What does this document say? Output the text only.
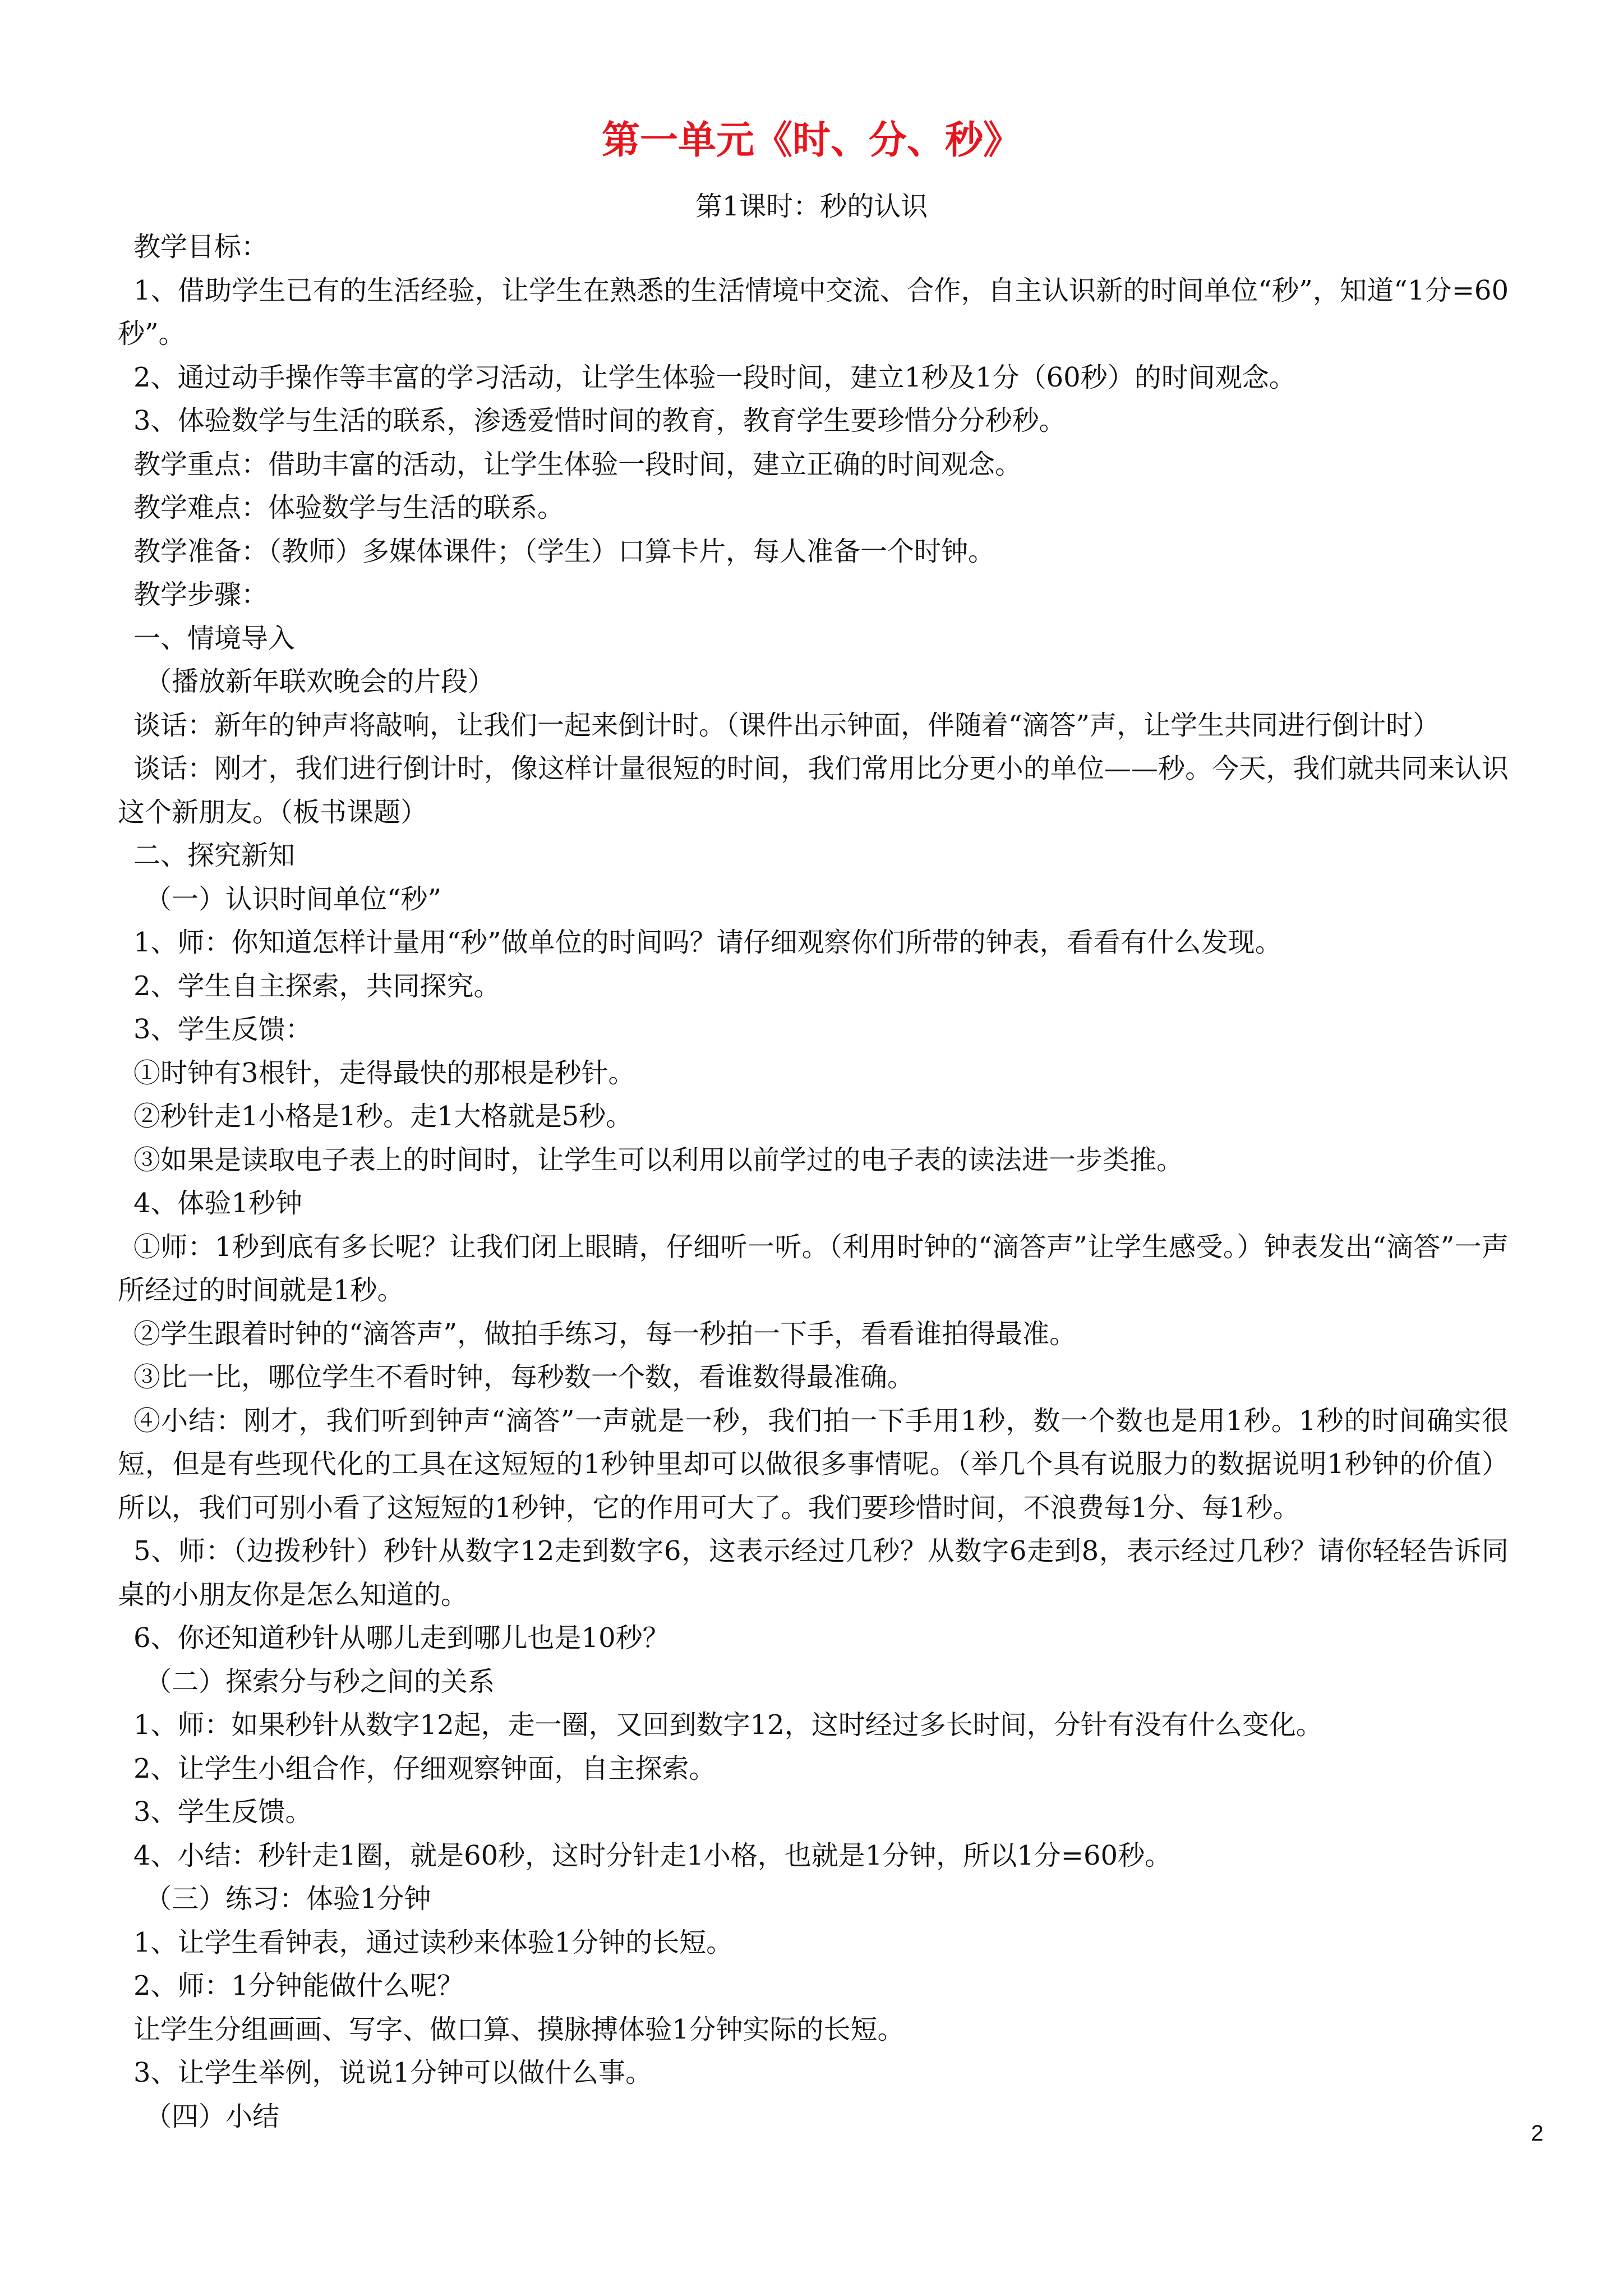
第一单元《时、分、秒》
第1课时：秒的认识
教学目标：
1、借助学生已有的生活经验，让学生在熟悉的生活情境中交流、合作，自主认识新的时间单位“秒”，知道“1分=60秒”。
2、通过动手操作等丰富的学习活动，让学生体验一段时间，建立1秒及1分（60秒）的时间观念。
3、体验数学与生活的联系，渗透爱惜时间的教育，教育学生要珍惜分分秒秒。
教学重点：借助丰富的活动，让学生体验一段时间，建立正确的时间观念。
教学难点：体验数学与生活的联系。
教学准备：（教师）多媒体课件；（学生）口算卡片，每人准备一个时钟。
教学步骤：
一、情境导入
（播放新年联欢晚会的片段）
谈话：新年的钟声将敲响，让我们一起来倒计时。（课件出示钟面，伴随着“滴答”声，让学生共同进行倒计时）
谈话：刚才，我们进行倒计时，像这样计量很短的时间，我们常用比分更小的单位——秒。今天，我们就共同来认识这个新朋友。（板书课题）
二、探究新知
（一）认识时间单位“秒”
1、师：你知道怎样计量用“秒”做单位的时间吗？请仔细观察你们所带的钟表，看看有什么发现。
2、学生自主探索，共同探究。
3、学生反馈：
①时钟有3根针，走得最快的那根是秒针。
②秒针走1小格是1秒。走1大格就是5秒。
③如果是读取电子表上的时间时，让学生可以利用以前学过的电子表的读法进一步类推。
4、体验1秒钟
①师：1秒到底有多长呢？让我们闭上眼睛，仔细听一听。（利用时钟的“滴答声”让学生感受。）钟表发出“滴答”一声所经过的时间就是1秒。
②学生跟着时钟的“滴答声”，做拍手练习，每一秒拍一下手，看看谁拍得最准。
③比一比，哪位学生不看时钟，每秒数一个数，看谁数得最准确。
④小结：刚才，我们听到钟声“滴答”一声就是一秒，我们拍一下手用1秒，数一个数也是用1秒。1秒的时间确实很短，但是有些现代化的工具在这短短的1秒钟里却可以做很多事情呢。（举几个具有说服力的数据说明1秒钟的价值）所以，我们可别小看了这短短的1秒钟，它的作用可大了。我们要珍惜时间，不浪费每1分、每1秒。
5、师：（边拨秒针）秒针从数字12走到数字6，这表示经过几秒？从数字6走到8，表示经过几秒？请你轻轻告诉同桌的小朋友你是怎么知道的。
6、你还知道秒针从哪儿走到哪儿也是10秒？
（二）探索分与秒之间的关系
1、师：如果秒针从数字12起，走一圈，又回到数字12，这时经过多长时间，分针有没有什么变化。
2、让学生小组合作，仔细观察钟面，自主探索。
3、学生反馈。
4、小结：秒针走1圈，就是60秒，这时分针走1小格，也就是1分钟，所以1分=60秒。
（三）练习：体验1分钟
1、让学生看钟表，通过读秒来体验1分钟的长短。
2、师：1分钟能做什么呢？
让学生分组画画、写字、做口算、摸脉搏体验1分钟实际的长短。
3、让学生举例，说说1分钟可以做什么事。
（四）小结
2
